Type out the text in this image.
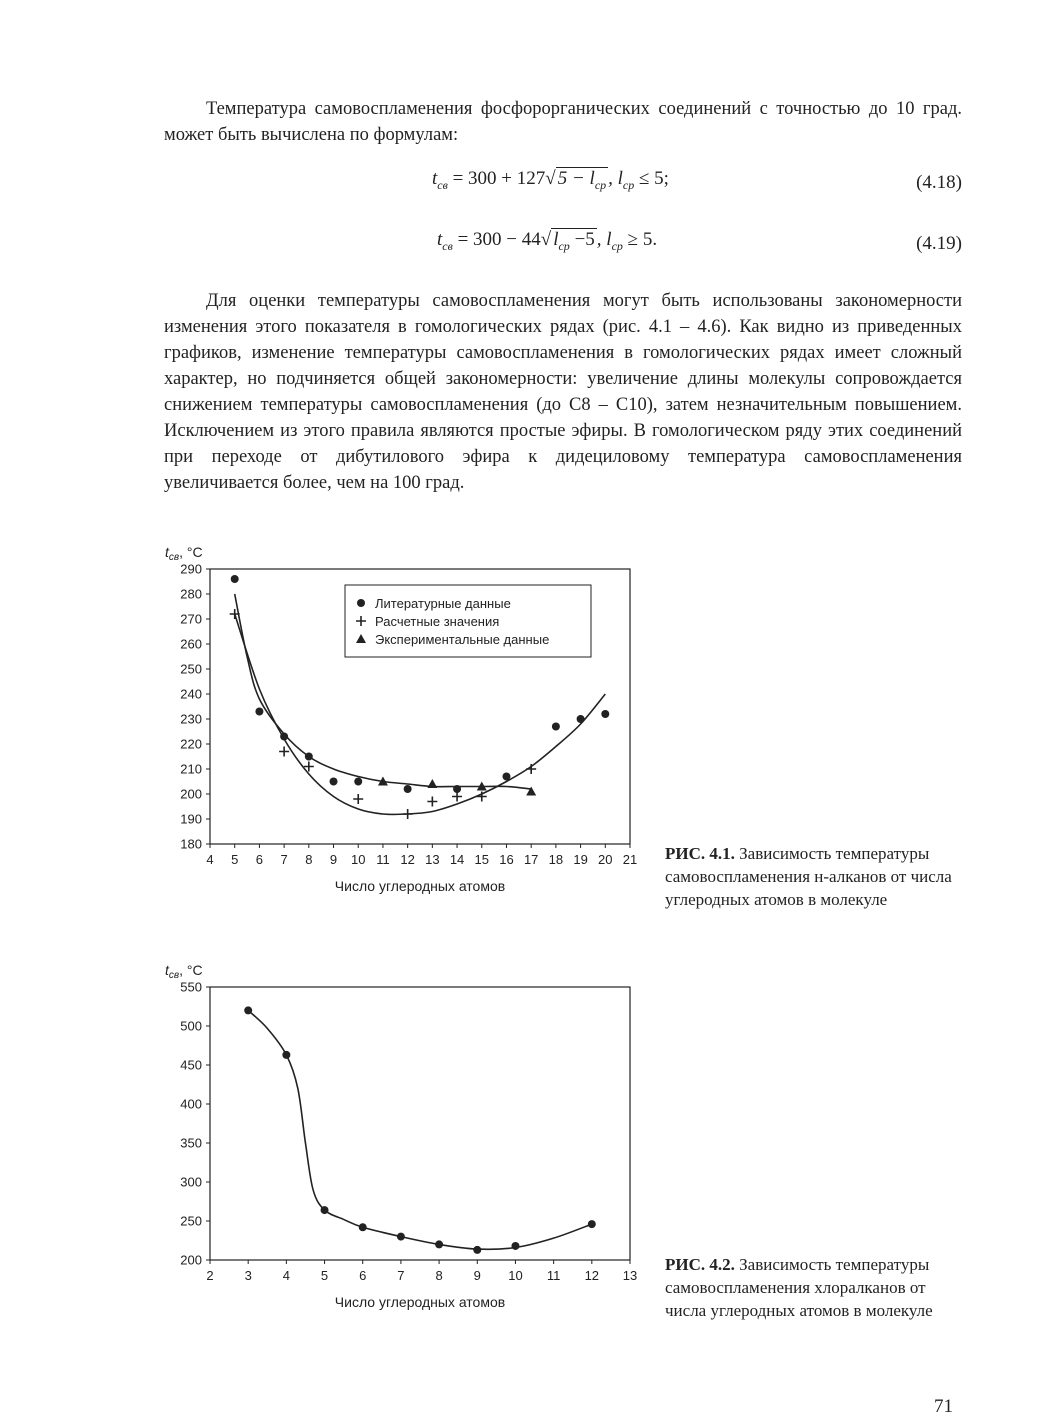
Температура самовоспламенения фосфорорганических соединений с точностью до 10 град. может быть вычислена по формулам:
$t_{св} = 300 + 127√$ $5 - l_{ср}$ , $l_{ср} \le 5$;	(4.18)
$t_{св} = 300 - 44√$ $l_{ср} -5$ , $l_{ср} \ge 5$.	(4.19)
Для оценки температуры самовоспламенения могут быть использованы закономерности изменения этого показателя в гомологических рядах (рис. 4.1 – 4.6). Как видно из приведенных графиков, изменение температуры самовоспламенения в гомологических рядах имеет сложный характер, но подчиняется общей закономерности: увеличение длины молекулы сопровождается снижением температуры самовоспламенения (до C8 – C10), затем незначительным повышением. Исключением из этого правила являются простые эфиры. В гомологическом ряду этих соединений при переходе от дибутилового эфира к дидециловому температура самовоспламенения увеличивается более, чем на 100 град.
180
190
200
210
220
230
240
250
260
270
280
290
4 5 6 7 8 9 10 11 12 13 14 15 16 17 18 19 20 21
$t_{св}$, °C
Число углеродных атомов
Литературные данные
Расчетные значения
Экспериментальные данные
РИС. 4.1. Зависимость температуры самовоспламенения н-алканов от числа углеродных атомов в молекуле
200
250
300
350
400
450
500
550
2 3 4 5 6 7 8 9 10 11 12 13
$t_{св}$, °C
Число углеродных атомов
РИС. 4.2. Зависимость температуры самовоспламенения хлоралканов от числа углеродных атомов в молекуле
71
